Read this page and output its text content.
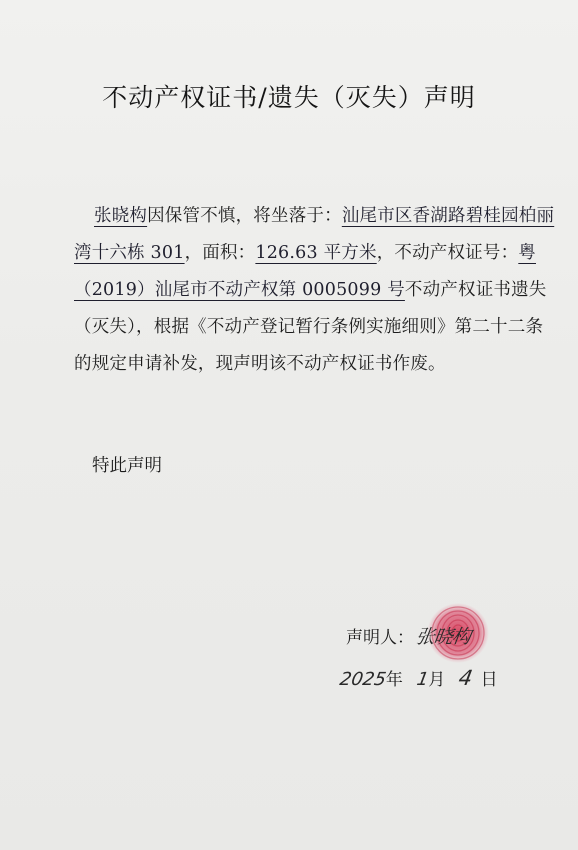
不动产权证书/遗失（灭失）声明
张晓构因保管不慎，将坐落于：汕尾市区香湖路碧桂园柏丽湾十六栋 301，面积：126.63 平方米，不动产权证号：粤（2019）汕尾市不动产权第 0005099 号不动产权证书遗失（灭失），根据《不动产登记暂行条例实施细则》第二十二条的规定申请补发，现声明该不动产权证书作废。
特此声明
声明人： 张晓构
2025
年 1
月 4 日
